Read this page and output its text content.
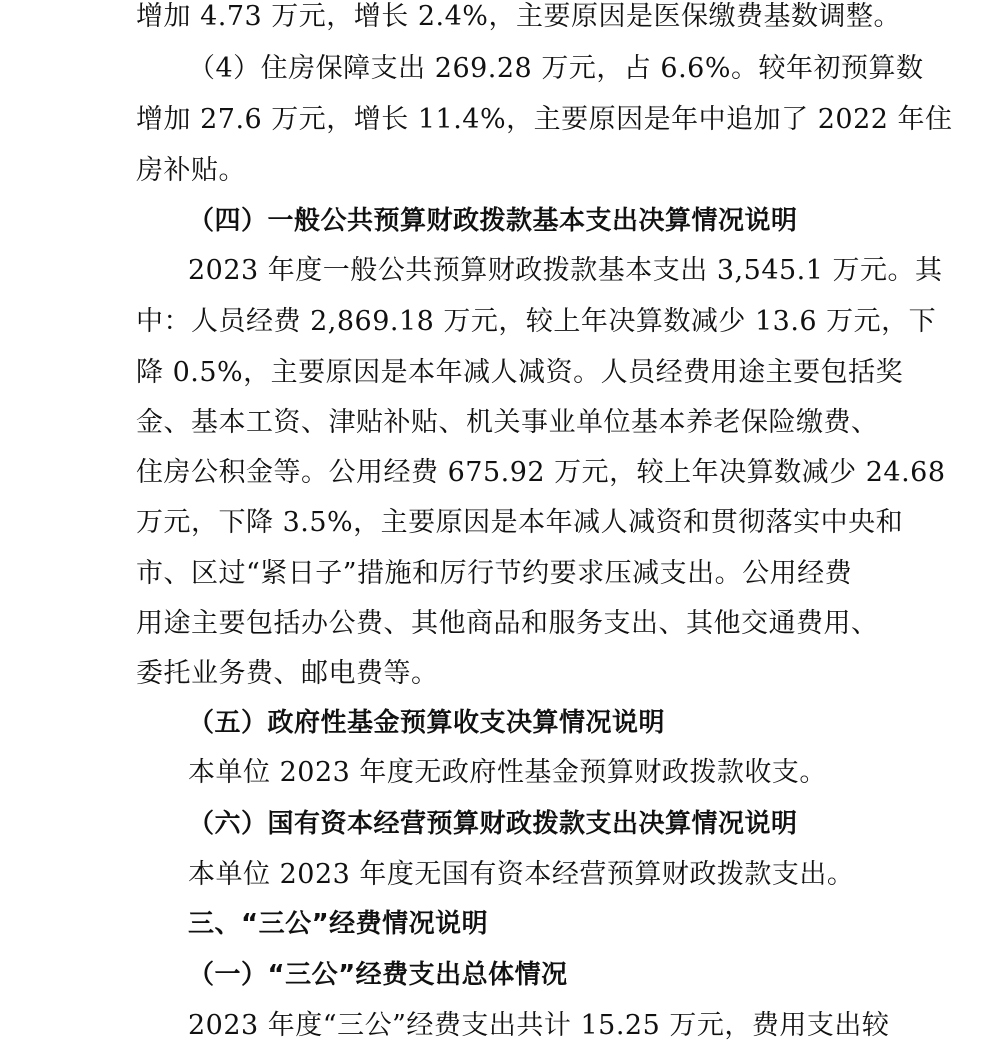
增加 4.73 万元，增长 2.4%，主要原因是医保缴费基数调整。
（4）住房保障支出 269.28 万元，占 6.6%。较年初预算数
增加 27.6 万元，增长 11.4%，主要原因是年中追加了 2022 年住
房补贴。
（四）一般公共预算财政拨款基本支出决算情况说明
2023 年度一般公共预算财政拨款基本支出 3,545.1 万元。其
中：人员经费 2,869.18 万元，较上年决算数减少 13.6 万元，下
降 0.5%，主要原因是本年减人减资。人员经费用途主要包括奖
金、基本工资、津贴补贴、机关事业单位基本养老保险缴费、
住房公积金等。公用经费 675.92 万元，较上年决算数减少 24.68
万元，下降 3.5%，主要原因是本年减人减资和贯彻落实中央和
市、区过“紧日子”措施和厉行节约要求压减支出。公用经费
用途主要包括办公费、其他商品和服务支出、其他交通费用、
委托业务费、邮电费等。
（五）政府性基金预算收支决算情况说明
本单位 2023 年度无政府性基金预算财政拨款收支。
（六）国有资本经营预算财政拨款支出决算情况说明
本单位 2023 年度无国有资本经营预算财政拨款支出。
三、“三公”经费情况说明
（一）“三公”经费支出总体情况
2023 年度“三公”经费支出共计 15.25 万元，费用支出较
